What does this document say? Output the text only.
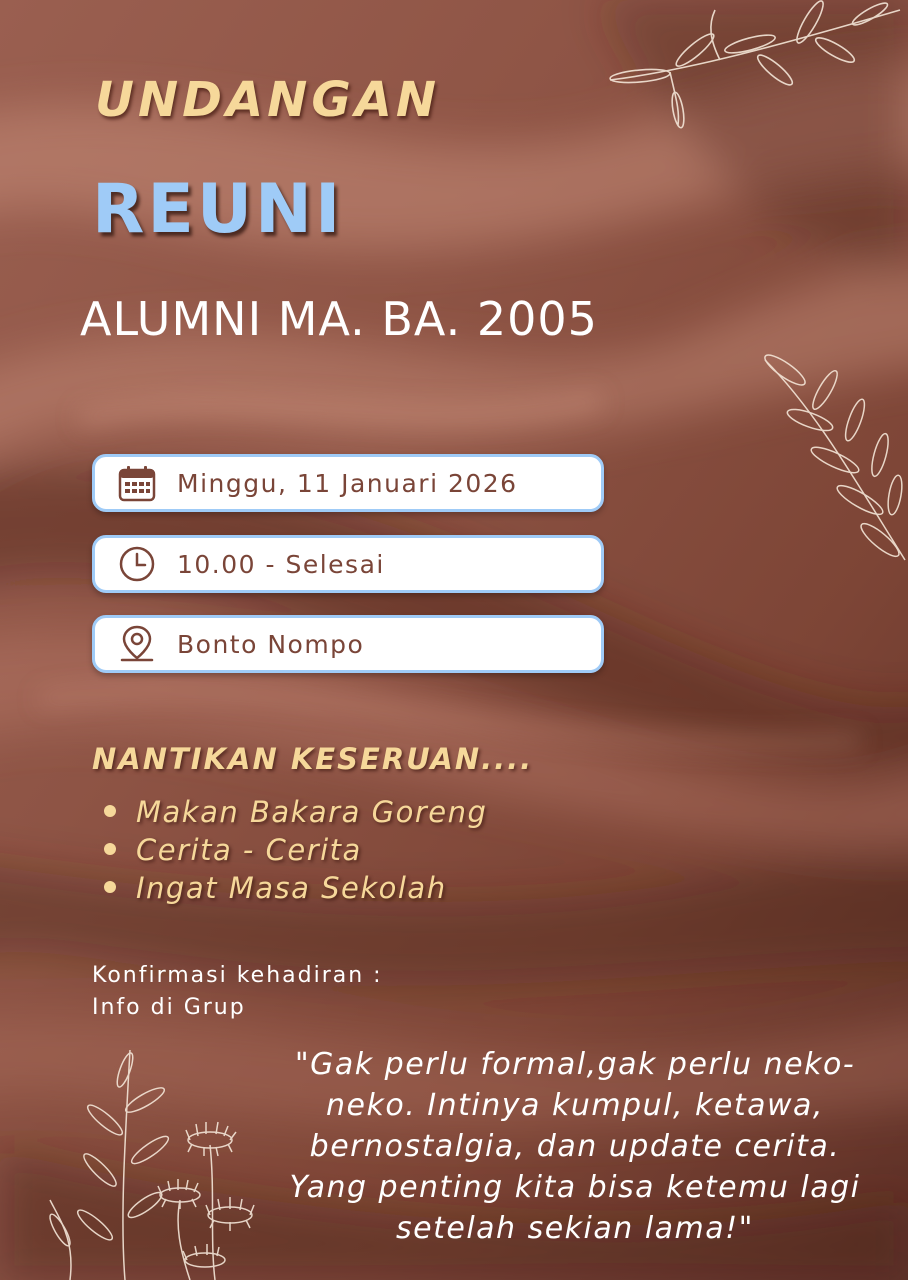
UNDANGAN
REUNI
ALUMNI MA. BA. 2005
Minggu, 11 Januari 2026
10.00 - Selesai
Bonto Nompo
NANTIKAN KESERUAN....
Makan Bakara Goreng
Cerita - Cerita
Ingat Masa Sekolah
Konfirmasi kehadiran :
Info di Grup
"Gak perlu formal,gak perlu neko-neko. Intinya kumpul, ketawa, bernostalgia, dan update cerita. Yang penting kita bisa ketemu lagi setelah sekian lama!"
